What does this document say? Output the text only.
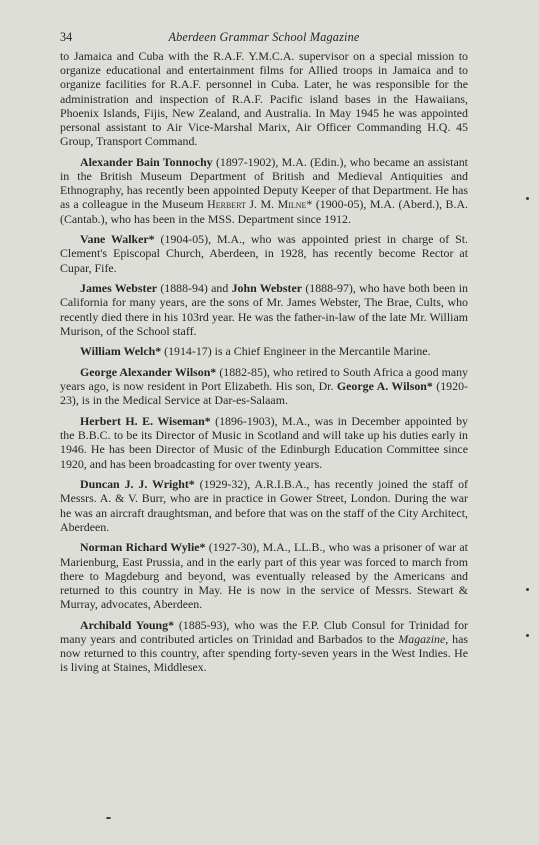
34	Aberdeen Grammar School Magazine

to Jamaica and Cuba with the R.A.F. Y.M.C.A. supervisor on a special mission to organize educational and entertainment films for Allied troops in Jamaica and to organize facilities for R.A.F. personnel in Cuba. Later, he was responsible for the administration and inspection of R.A.F. Pacific island bases in the Hawaiians, Phoenix Islands, Fijis, New Zealand, and Australia. In May 1945 he was appointed personal assistant to Air Vice-Marshal Marix, Air Officer Commanding H.Q. 45 Group, Transport Command.

Alexander Bain Tonnochy (1897-1902), M.A. (Edin.), who became an assistant in the British Museum Department of British and Medieval Antiquities and Ethnography, has recently been appointed Deputy Keeper of that Department. He has as a colleague in the Museum Herbert J. M. Milne* (1900-05), M.A. (Aberd.), B.A. (Cantab.), who has been in the MSS. Department since 1912.

Vane Walker* (1904-05), M.A., who was appointed priest in charge of St. Clement's Episcopal Church, Aberdeen, in 1928, has recently become Rector at Cupar, Fife.

James Webster (1888-94) and John Webster (1888-97), who have both been in California for many years, are the sons of Mr. James Webster, The Brae, Cults, who recently died there in his 103rd year. He was the father-in-law of the late Mr. William Murison, of the School staff.

William Welch* (1914-17) is a Chief Engineer in the Mercantile Marine.

George Alexander Wilson* (1882-85), who retired to South Africa a good many years ago, is now resident in Port Elizabeth. His son, Dr. George A. Wilson* (1920-23), is in the Medical Service at Dar-es-Salaam.

Herbert H. E. Wiseman* (1896-1903), M.A., was in December appointed by the B.B.C. to be its Director of Music in Scotland and will take up his duties early in 1946. He has been Director of Music of the Edinburgh Education Committee since 1920, and has been broadcasting for over twenty years.

Duncan J. J. Wright* (1929-32), A.R.I.B.A., has recently joined the staff of Messrs. A. & V. Burr, who are in practice in Gower Street, London. During the war he was an aircraft draughtsman, and before that was on the staff of the City Architect, Aberdeen.

Norman Richard Wylie* (1927-30), M.A., LL.B., who was a prisoner of war at Marienburg, East Prussia, and in the early part of this year was forced to march from there to Magdeburg and beyond, was eventually released by the Americans and returned to this country in May. He is now in the service of Messrs. Stewart & Murray, advocates, Aberdeen.

Archibald Young* (1885-93), who was the F.P. Club Consul for Trinidad for many years and contributed articles on Trinidad and Barbados to the Magazine, has now returned to this country, after spending forty-seven years in the West Indies. He is living at Staines, Middlesex.
